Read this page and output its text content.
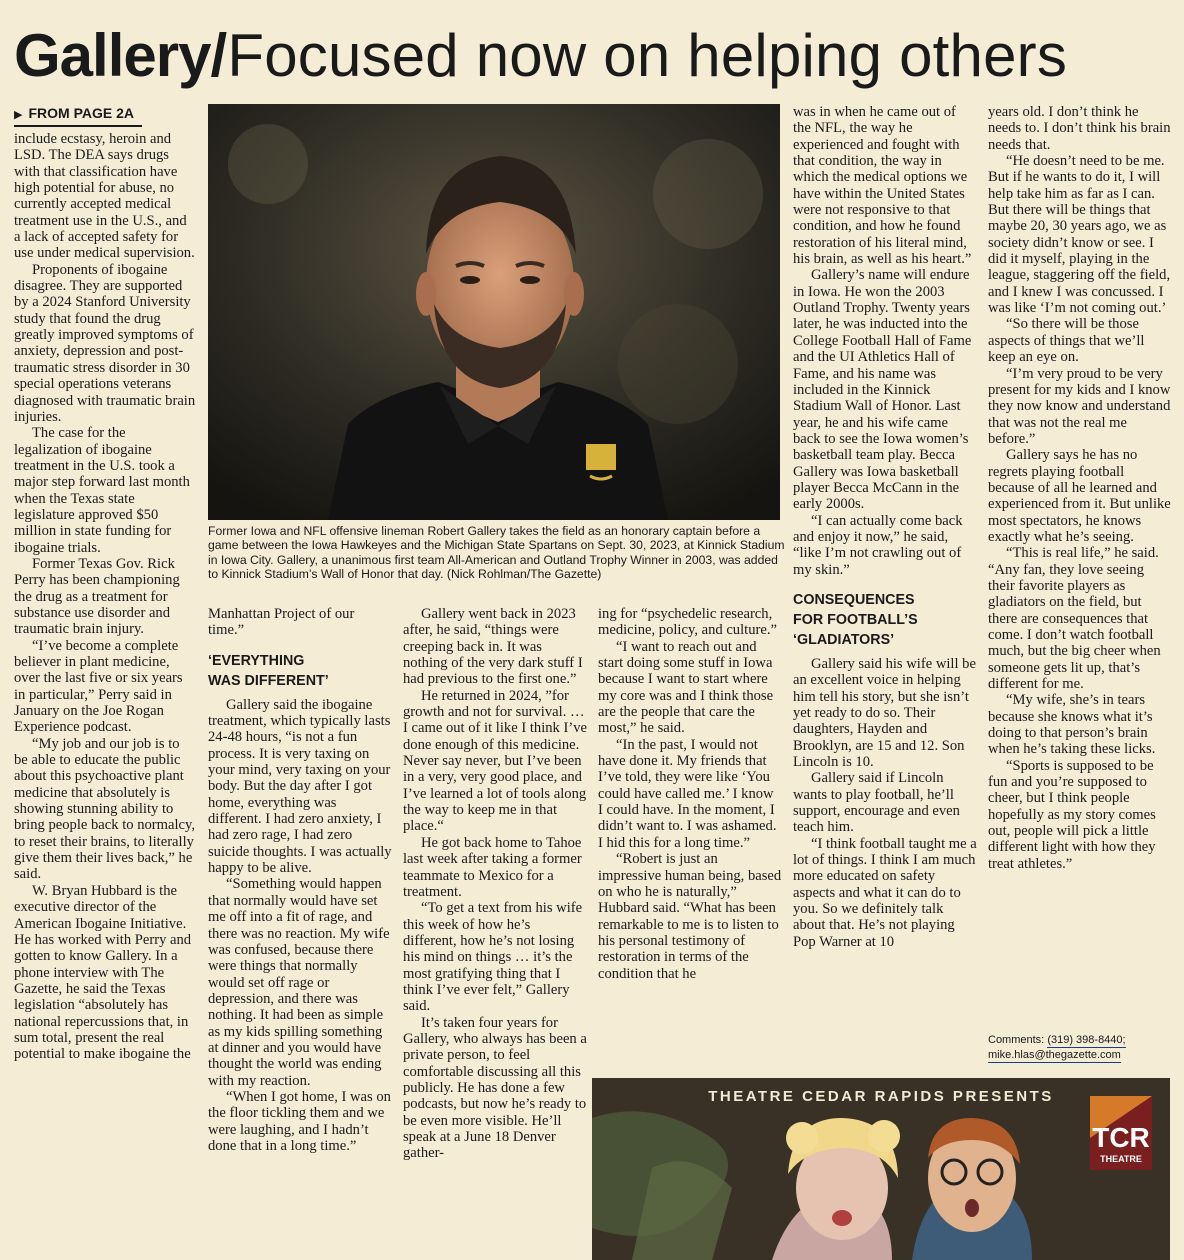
Gallery/Focused now on helping others
▶ FROM PAGE 2A

include ecstasy, heroin and LSD. The DEA says drugs with that classification have high potential for abuse, no currently accepted medical treatment use in the U.S., and a lack of accepted safety for use under medical supervision.

Proponents of ibogaine disagree. They are supported by a 2024 Stanford University study that found the drug greatly improved symptoms of anxiety, depression and post-traumatic stress disorder in 30 special operations veterans diagnosed with traumatic brain injuries.

The case for the legalization of ibogaine treatment in the U.S. took a major step forward last month when the Texas state legislature approved $50 million in state funding for ibogaine trials.

Former Texas Gov. Rick Perry has been championing the drug as a treatment for substance use disorder and traumatic brain injury.

“I’ve become a complete believer in plant medicine, over the last five or six years in particular,” Perry said in January on the Joe Rogan Experience podcast.

“My job and our job is to be able to educate the public about this psychoactive plant medicine that absolutely is showing stunning ability to bring people back to normalcy, to reset their brains, to literally give them their lives back,” he said.

W. Bryan Hubbard is the executive director of the American Ibogaine Initiative. He has worked with Perry and gotten to know Gallery. In a phone interview with The Gazette, he said the Texas legislation “absolutely has national repercussions that, in sum total, present the real potential to make ibogaine the

Former Iowa and NFL offensive lineman Robert Gallery takes the field as an honorary captain before a game between the Iowa Hawkeyes and the Michigan State Spartans on Sept. 30, 2023, at Kinnick Stadium in Iowa City. Gallery, a unanimous first team All-American and Outland Trophy Winner in 2003, was added to Kinnick Stadium’s Wall of Honor that day. (Nick Rohlman/The Gazette)

Manhattan Project of our time.”

‘EVERYTHING
WAS DIFFERENT’

Gallery said the ibogaine treatment, which typically lasts 24-48 hours, “is not a fun process. It is very taxing on your mind, very taxing on your body. But the day after I got home, everything was different. I had zero anxiety, I had zero rage, I had zero suicide thoughts. I was actually happy to be alive.

“Something would happen that normally would have set me off into a fit of rage, and there was no reaction. My wife was confused, because there were things that normally would set off rage or depression, and there was nothing. It had been as simple as my kids spilling something at dinner and you would have thought the world was ending with my reaction.

“When I got home, I was on the floor tickling them and we were laughing, and I hadn’t done that in a long time.”

Gallery went back in 2023 after, he said, “things were creeping back in. It was nothing of the very dark stuff I had previous to the first one.”

He returned in 2024, ”for growth and not for survival. … I came out of it like I think I’ve done enough of this medicine. Never say never, but I’ve been in a very, very good place, and I’ve learned a lot of tools along the way to keep me in that place.“

He got back home to Tahoe last week after taking a former teammate to Mexico for a treatment.

“To get a text from his wife this week of how he’s different, how he’s not losing his mind on things … it’s the most gratifying thing that I think I’ve ever felt,” Gallery said.

It’s taken four years for Gallery, who always has been a private person, to feel comfortable discussing all this publicly. He has done a few podcasts, but now he’s ready to be even more visible. He’ll speak at a June 18 Denver gather-

ing for “psychedelic research, medicine, policy, and culture.”

“I want to reach out and start doing some stuff in Iowa because I want to start where my core was and I think those are the people that care the most,” he said.

“In the past, I would not have done it. My friends that I’ve told, they were like ‘You could have called me.’ I know I could have. In the moment, I didn’t want to. I was ashamed. I hid this for a long time.”

“Robert is just an impressive human being, based on who he is naturally,” Hubbard said. “What has been remarkable to me is to listen to his personal testimony of restoration in terms of the condition that he

was in when he came out of the NFL, the way he experienced and fought with that condition, the way in which the medical options we have within the United States were not responsive to that condition, and how he found restoration of his literal mind, his brain, as well as his heart.”

Gallery’s name will endure in Iowa. He won the 2003 Outland Trophy. Twenty years later, he was inducted into the College Football Hall of Fame and the UI Athletics Hall of Fame, and his name was included in the Kinnick Stadium Wall of Honor. Last year, he and his wife came back to see the Iowa women’s basketball team play. Becca Gallery was Iowa basketball player Becca McCann in the early 2000s.

“I can actually come back and enjoy it now,” he said, “like I’m not crawling out of my skin.”

CONSEQUENCES
FOR FOOTBALL’S
‘GLADIATORS’

Gallery said his wife will be an excellent voice in helping him tell his story, but she isn’t yet ready to do so. Their daughters, Hayden and Brooklyn, are 15 and 12. Son Lincoln is 10.

Gallery said if Lincoln wants to play football, he’ll support, encourage and even teach him.

“I think football taught me a lot of things. I think I am much more educated on safety aspects and what it can do to you. So we definitely talk about that. He’s not playing Pop Warner at 10

years old. I don’t think he needs to. I don’t think his brain needs that.

“He doesn’t need to be me. But if he wants to do it, I will help take him as far as I can. But there will be things that maybe 20, 30 years ago, we as society didn’t know or see. I did it myself, playing in the league, staggering off the field, and I knew I was concussed. I was like ‘I’m not coming out.’

“So there will be those aspects of things that we’ll keep an eye on.

“I’m very proud to be very present for my kids and I know they now know and understand that was not the real me before.”

Gallery says he has no regrets playing football because of all he learned and experienced from it. But unlike most spectators, he knows exactly what he’s seeing.

“This is real life,” he said. “Any fan, they love seeing their favorite players as gladiators on the field, but there are consequences that come. I don’t watch football much, but the big cheer when someone gets lit up, that’s different for me.

“My wife, she’s in tears because she knows what it’s doing to that person’s brain when he’s taking these licks.

“Sports is supposed to be fun and you’re supposed to cheer, but I think people hopefully as my story comes out, people will pick a little different light with how they treat athletes.”

Comments: (319) 398-8440;
mike.hlas@thegazette.com
THEATRE CEDAR RAPIDS PRESENTS
TCR
THEATRE
